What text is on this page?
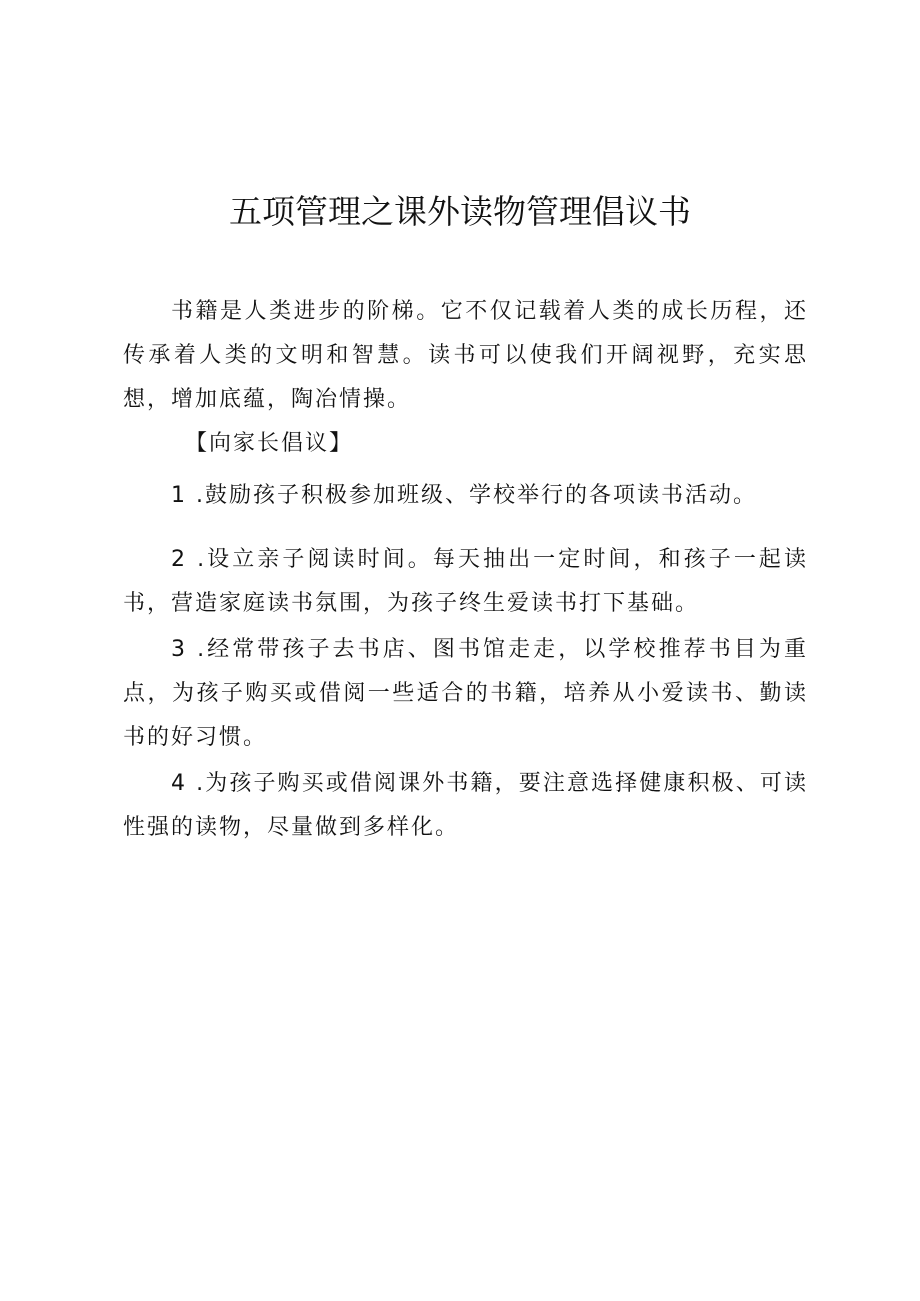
五项管理之课外读物管理倡议书

书籍是人类进步的阶梯。它不仅记载着人类的成长历程，还传承着人类的文明和智慧。读书可以使我们开阔视野，充实思想，增加底蕴，陶冶情操。

【向家长倡议】

1 .鼓励孩子积极参加班级、学校举行的各项读书活动。

2 .设立亲子阅读时间。每天抽出一定时间，和孩子一起读书，营造家庭读书氛围，为孩子终生爱读书打下基础。

3 .经常带孩子去书店、图书馆走走，以学校推荐书目为重点，为孩子购买或借阅一些适合的书籍，培养从小爱读书、勤读书的好习惯。

4 .为孩子购买或借阅课外书籍，要注意选择健康积极、可读性强的读物，尽量做到多样化。
